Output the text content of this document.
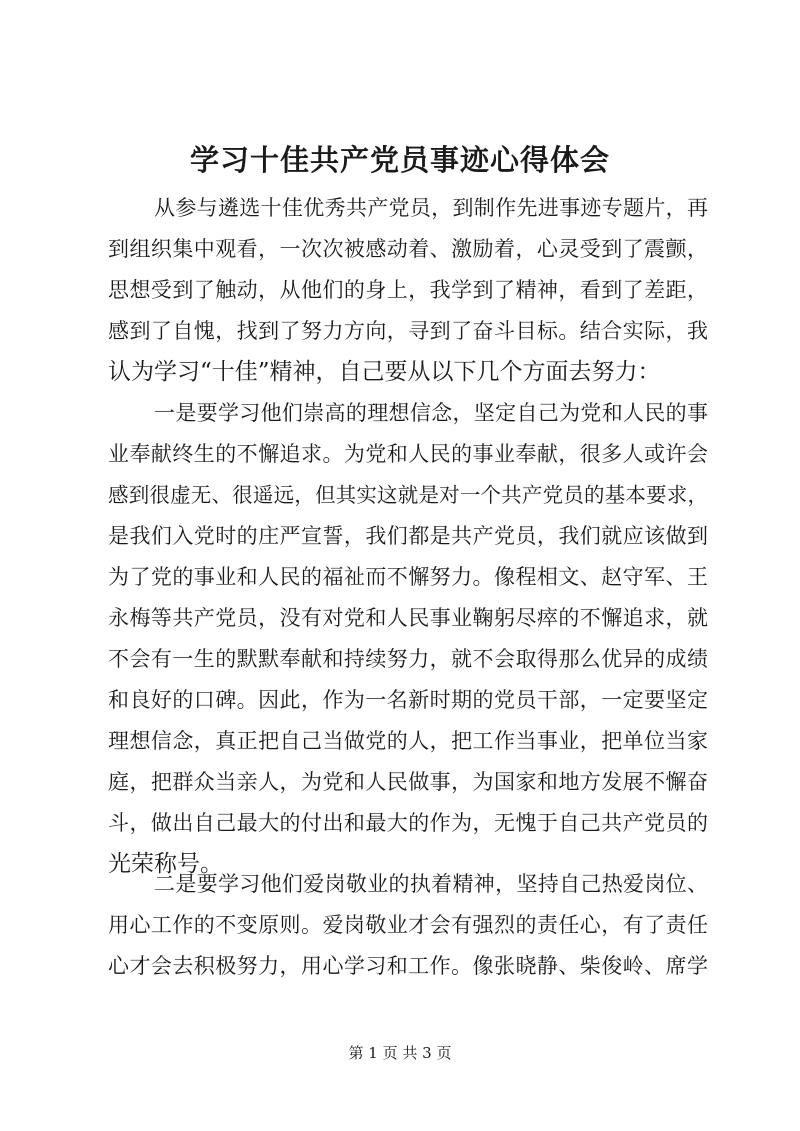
学习十佳共产党员事迹心得体会
从参与遴选十佳优秀共产党员，到制作先进事迹专题片，再
到组织集中观看，一次次被感动着、激励着，心灵受到了震颤，
思想受到了触动，从他们的身上，我学到了精神，看到了差距，
感到了自愧，找到了努力方向，寻到了奋斗目标。结合实际，我
认为学习“十佳”精神，自己要从以下几个方面去努力：
一是要学习他们崇高的理想信念，坚定自己为党和人民的事
业奉献终生的不懈追求。为党和人民的事业奉献，很多人或许会
感到很虚无、很遥远，但其实这就是对一个共产党员的基本要求，
是我们入党时的庄严宣誓，我们都是共产党员，我们就应该做到
为了党的事业和人民的福祉而不懈努力。像程相文、赵守军、王
永梅等共产党员，没有对党和人民事业鞠躬尽瘁的不懈追求，就
不会有一生的默默奉献和持续努力，就不会取得那么优异的成绩
和良好的口碑。因此，作为一名新时期的党员干部，一定要坚定
理想信念，真正把自己当做党的人，把工作当事业，把单位当家
庭，把群众当亲人，为党和人民做事，为国家和地方发展不懈奋
斗，做出自己最大的付出和最大的作为，无愧于自己共产党员的
光荣称号。
二是要学习他们爱岗敬业的执着精神，坚持自己热爱岗位、
用心工作的不变原则。爱岗敬业才会有强烈的责任心，有了责任
心才会去积极努力，用心学习和工作。像张晓静、柴俊岭、席学
第 1 页 共 3 页
